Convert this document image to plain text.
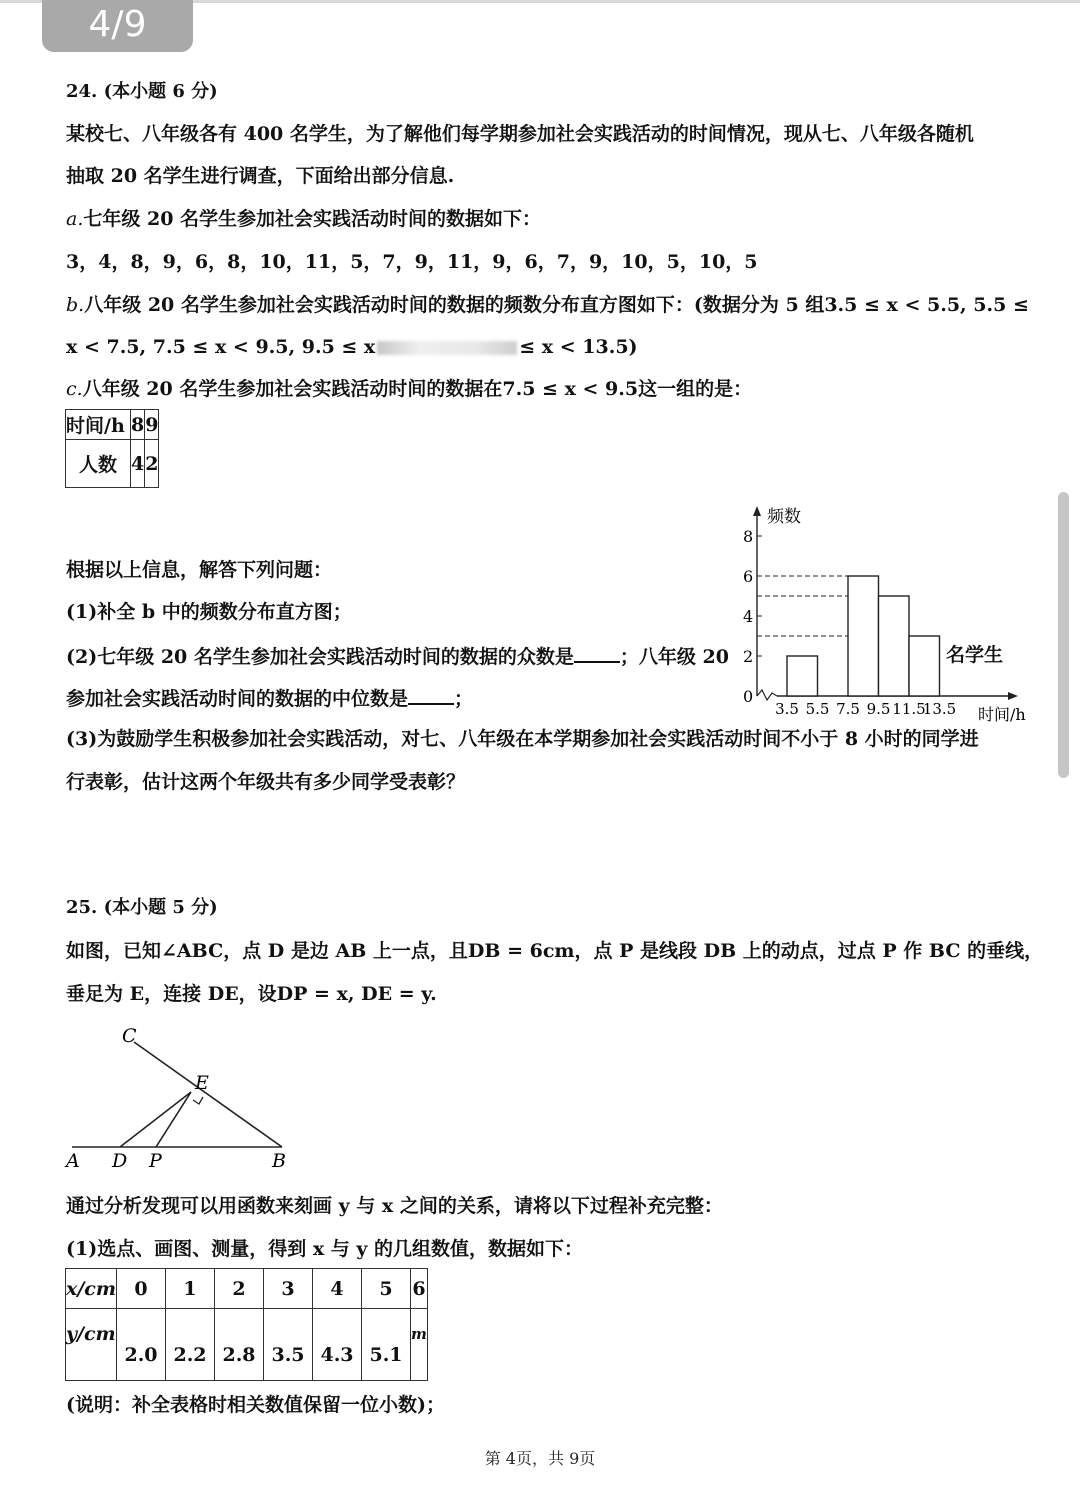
4/9
24. (本小题 6 分)
某校七、八年级各有 400 名学生，为了解他们每学期参加社会实践活动的时间情况，现从七、八年级各随机
抽取 20 名学生进行调查，下面给出部分信息.
a.七年级 20 名学生参加社会实践活动时间的数据如下：
3，4，8，9，6，8，10，11，5，7，9，11，9，6，7，9，10，5，10，5
b.八年级 20 名学生参加社会实践活动时间的数据的频数分布直方图如下：(数据分为 5 组3.5 ≤ x < 5.5, 5.5 ≤
x < 7.5, 7.5 ≤ x < 9.5, 9.5 ≤ x	≤ x < 13.5)
c.八年级 20 名学生参加社会实践活动时间的数据在7.5 ≤ x < 9.5这一组的是：
时间/h	8	9
人数	4	2
0
2
4
6
8
3.5 5.5 7.5 9.5 11.5
13.5
频数
时间/h
根据以上信息，解答下列问题：
(1)补全 b 中的频数分布直方图；
(2)七年级 20 名学生参加社会实践活动时间的数据的众数是 ；八年级 20	名学生
参加社会实践活动时间的数据的中位数是 ；
(3)为鼓励学生积极参加社会实践活动，对七、八年级在本学期参加社会实践活动时间不小于 8 小时的同学进
行表彰，估计这两个年级共有多少同学受表彰？
25. (本小题 5 分)
如图，已知∠ABC，点 D 是边 AB 上一点，且DB = 6cm，点 P 是线段 DB 上的动点，过点 P 作 BC 的垂线，
垂足为 E，连接 DE，设DP = x, DE = y.
C
E
A D P	B
通过分析发现可以用函数来刻画 y 与 x 之间的关系，请将以下过程补充完整：
(1)选点、画图、测量，得到 x 与 y 的几组数值，数据如下：
x/cm	0	1	2	3	4	5	6
y/cm	2.0	2.2	2.8	3.5	4.3	5.1	m
(说明：补全表格时相关数值保留一位小数)；
第 4页，共 9页
